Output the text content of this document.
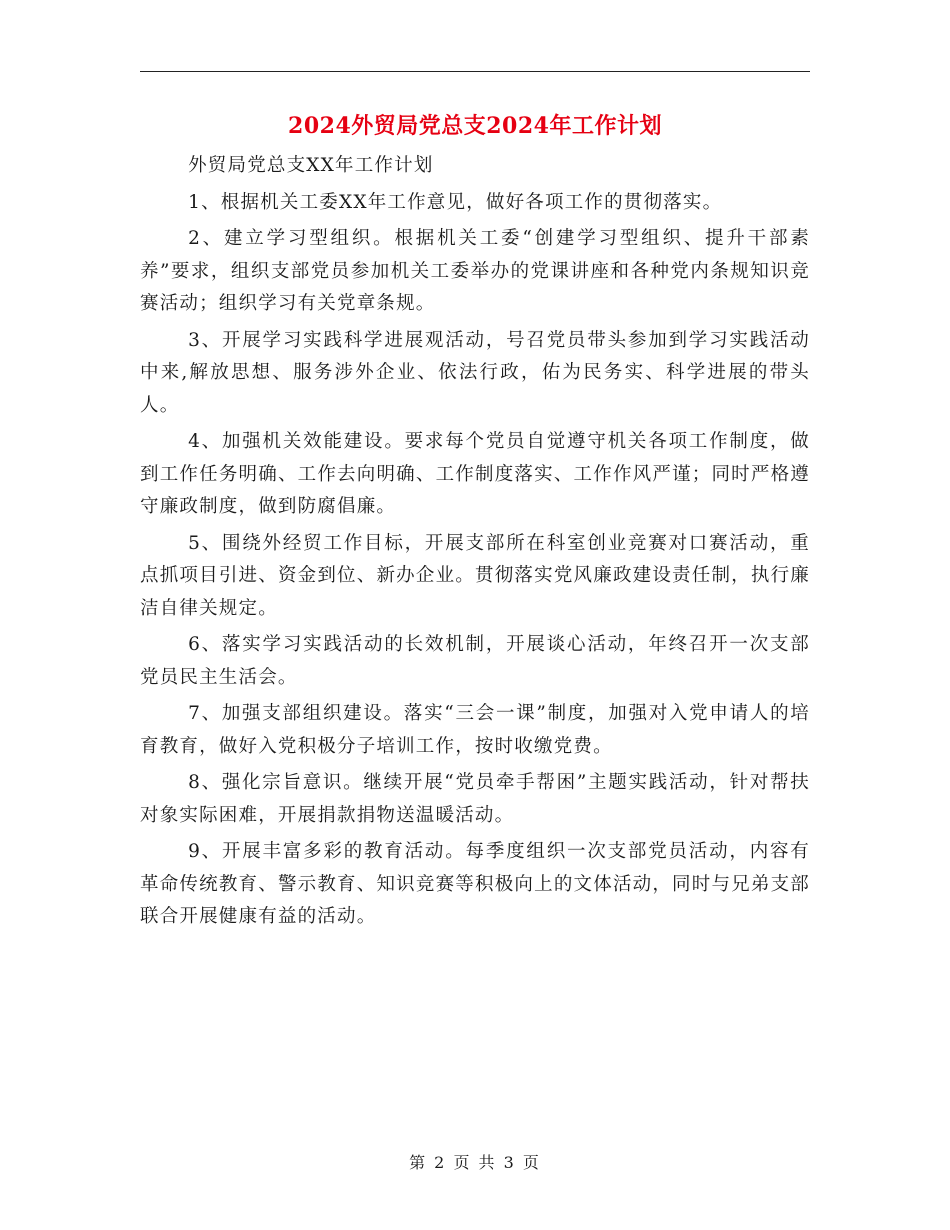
2024外贸局党总支2024年工作计划

外贸局党总支XX年工作计划

1、根据机关工委XX年工作意见，做好各项工作的贯彻落实。

2、建立学习型组织。根据机关工委“创建学习型组织、提升干部素养”要求，组织支部党员参加机关工委举办的党课讲座和各种党内条规知识竞赛活动；组织学习有关党章条规。

3、开展学习实践科学进展观活动，号召党员带头参加到学习实践活动中来,解放思想、服务涉外企业、依法行政，佑为民务实、科学进展的带头人。

4、加强机关效能建设。要求每个党员自觉遵守机关各项工作制度，做到工作任务明确、工作去向明确、工作制度落实、工作作风严谨；同时严格遵守廉政制度，做到防腐倡廉。

5、围绕外经贸工作目标，开展支部所在科室创业竞赛对口赛活动，重点抓项目引进、资金到位、新办企业。贯彻落实党风廉政建设责任制，执行廉洁自律关规定。

6、落实学习实践活动的长效机制，开展谈心活动，年终召开一次支部党员民主生活会。

7、加强支部组织建设。落实“三会一课”制度，加强对入党申请人的培育教育，做好入党积极分子培训工作，按时收缴党费。

8、强化宗旨意识。继续开展“党员牵手帮困”主题实践活动，针对帮扶对象实际困难，开展捐款捐物送温暖活动。

9、开展丰富多彩的教育活动。每季度组织一次支部党员活动，内容有革命传统教育、警示教育、知识竞赛等积极向上的文体活动，同时与兄弟支部联合开展健康有益的活动。

第 2 页 共 3 页
